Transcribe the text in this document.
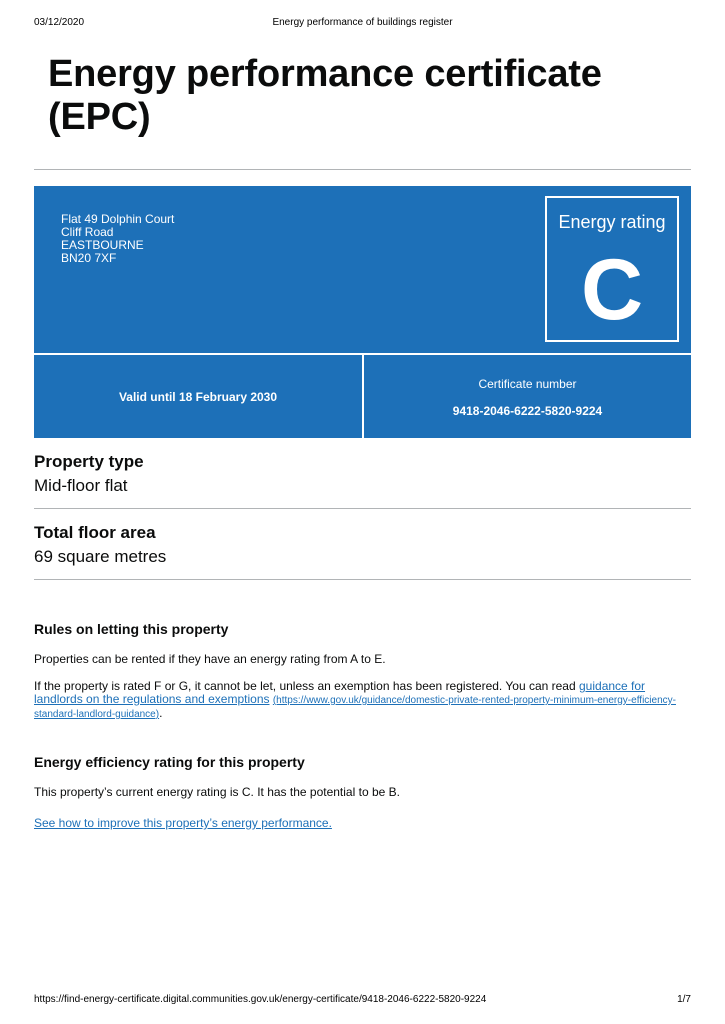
03/12/2020	Energy performance of buildings register
Energy performance certificate (EPC)
Flat 49 Dolphin Court
Cliff Road
EASTBOURNE
BN20 7XF
Energy rating
C
Valid until 18 February 2030
Certificate number
9418-2046-6222-5820-9224
Property type
Mid-floor flat
Total floor area
69 square metres
Rules on letting this property

Properties can be rented if they have an energy rating from A to E.

If the property is rated F or G, it cannot be let, unless an exemption has been registered. You can read guidance for landlords on the regulations and exemptions (https://www.gov.uk/guidance/domestic-private-rented-property-minimum-energy-efficiency-standard-landlord-guidance).

Energy efficiency rating for this property

This property’s current energy rating is C. It has the potential to be B.

See how to improve this property’s energy performance.

https://find-energy-certificate.digital.communities.gov.uk/energy-certificate/9418-2046-6222-5820-9224	1/7
